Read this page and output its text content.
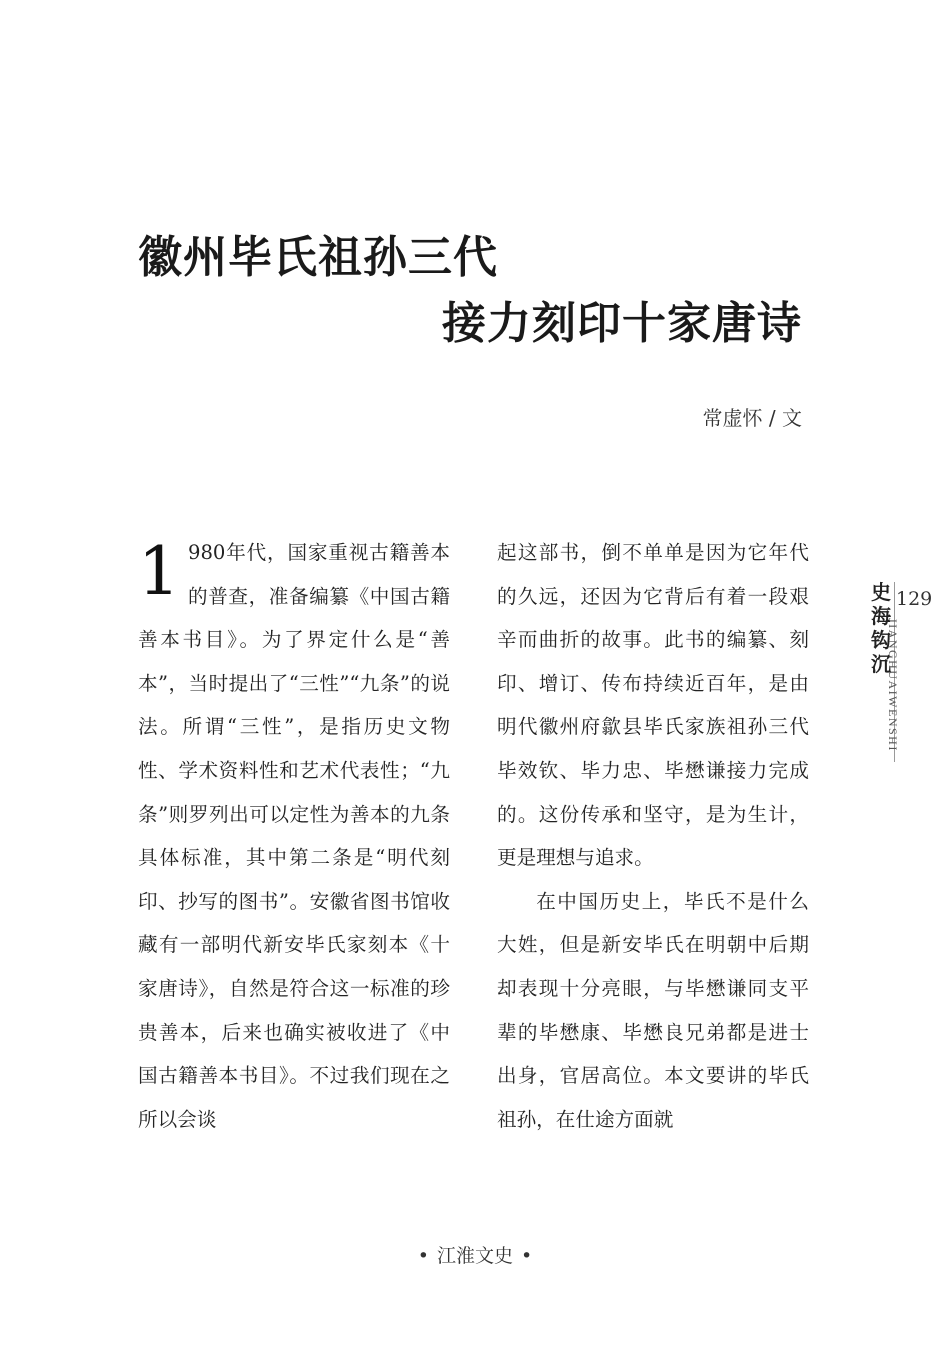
徽州毕氏祖孙三代
接力刻印十家唐诗
常虚怀 / 文

1 980年代，国家重视古籍善本的普查，准备编纂《中国古籍善本书目》。为了界定什么是“善本”，当时提出了“三性”“九条”的说法。所谓“三性”，是指历史文物性、学术资料性和艺术代表性；“九条”则罗列出可以定性为善本的九条具体标准，其中第二条是“明代刻印、抄写的图书”。安徽省图书馆收藏有一部明代新安毕氏家刻本《十家唐诗》，自然是符合这一标准的珍贵善本，后来也确实被收进了《中国古籍善本书目》。不过我们现在之所以会谈

起这部书，倒不单单是因为它年代的久远，还因为它背后有着一段艰辛而曲折的故事。此书的编纂、刻印、增订、传布持续近百年，是由明代徽州府歙县毕氏家族祖孙三代毕效钦、毕力忠、毕懋谦接力完成的。这份传承和坚守，是为生计，更是理想与追求。

在中国历史上，毕氏不是什么大姓，但是新安毕氏在明朝中后期却表现十分亮眼，与毕懋谦同支平辈的毕懋康、毕懋良兄弟都是进士出身，官居高位。本文要讲的毕氏祖孙，在仕途方面就

史海钩沉
129
JIANGHUAIWENSHI
• 江淮文史 •
